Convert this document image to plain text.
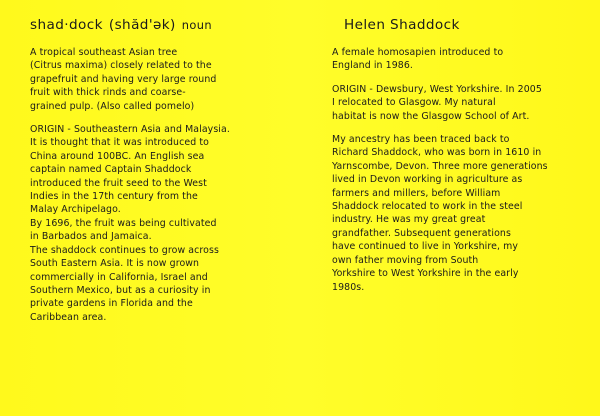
shad·dock (shăd'ək) noun
A tropical southeast Asian tree
(Citrus maxima) closely related to the
grapefruit and having very large round
fruit with thick rinds and coarse-
grained pulp. (Also called pomelo)
ORIGIN - Southeastern Asia and Malaysia.
It is thought that it was introduced to
China around 100BC. An English sea
captain named Captain Shaddock
introduced the fruit seed to the West
Indies in the 17th century from the
Malay Archipelago.
By 1696, the fruit was being cultivated
in Barbados and Jamaica.
The shaddock continues to grow across
South Eastern Asia. It is now grown
commercially in California, Israel and
Southern Mexico, but as a curiosity in
private gardens in Florida and the
Caribbean area.
Helen Shaddock
A female homosapien introduced to
England in 1986.
ORIGIN - Dewsbury, West Yorkshire. In 2005
I relocated to Glasgow. My natural
habitat is now the Glasgow School of Art.
My ancestry has been traced back to
Richard Shaddock, who was born in 1610 in
Yarnscombe, Devon. Three more generations
lived in Devon working in agriculture as
farmers and millers, before William
Shaddock relocated to work in the steel
industry. He was my great great
grandfather. Subsequent generations
have continued to live in Yorkshire, my
own father moving from South
Yorkshire to West Yorkshire in the early
1980s.
